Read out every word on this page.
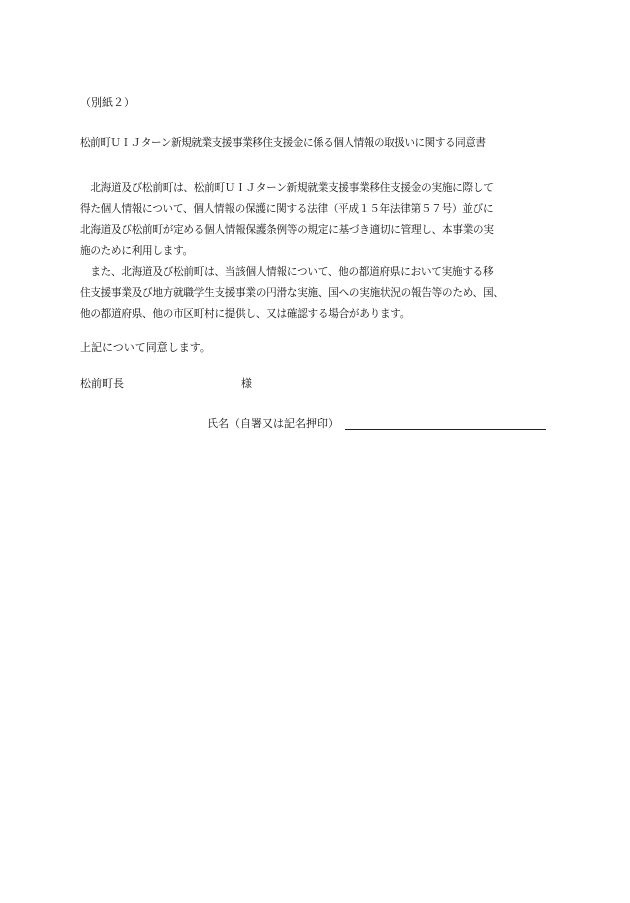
（別紙２）
松前町ＵＩＪターン新規就業支援事業移住支援金に係る個人情報の取扱いに関する同意書
　北海道及び松前町は、松前町ＵＩＪターン新規就業支援事業移住支援金の実施に際して
得た個人情報について、個人情報の保護に関する法律（平成１５年法律第５７号）並びに
北海道及び松前町が定める個人情報保護条例等の規定に基づき適切に管理し、本事業の実
施のために利用します。
　また、北海道及び松前町は、当該個人情報について、他の都道府県において実施する移
住支援事業及び地方就職学生支援事業の円滑な実施、国への実施状況の報告等のため、国、
他の都道府県、他の市区町村に提供し、又は確認する場合があります。
上記について同意します。
松前町長	様
氏名（自署又は記名押印）
